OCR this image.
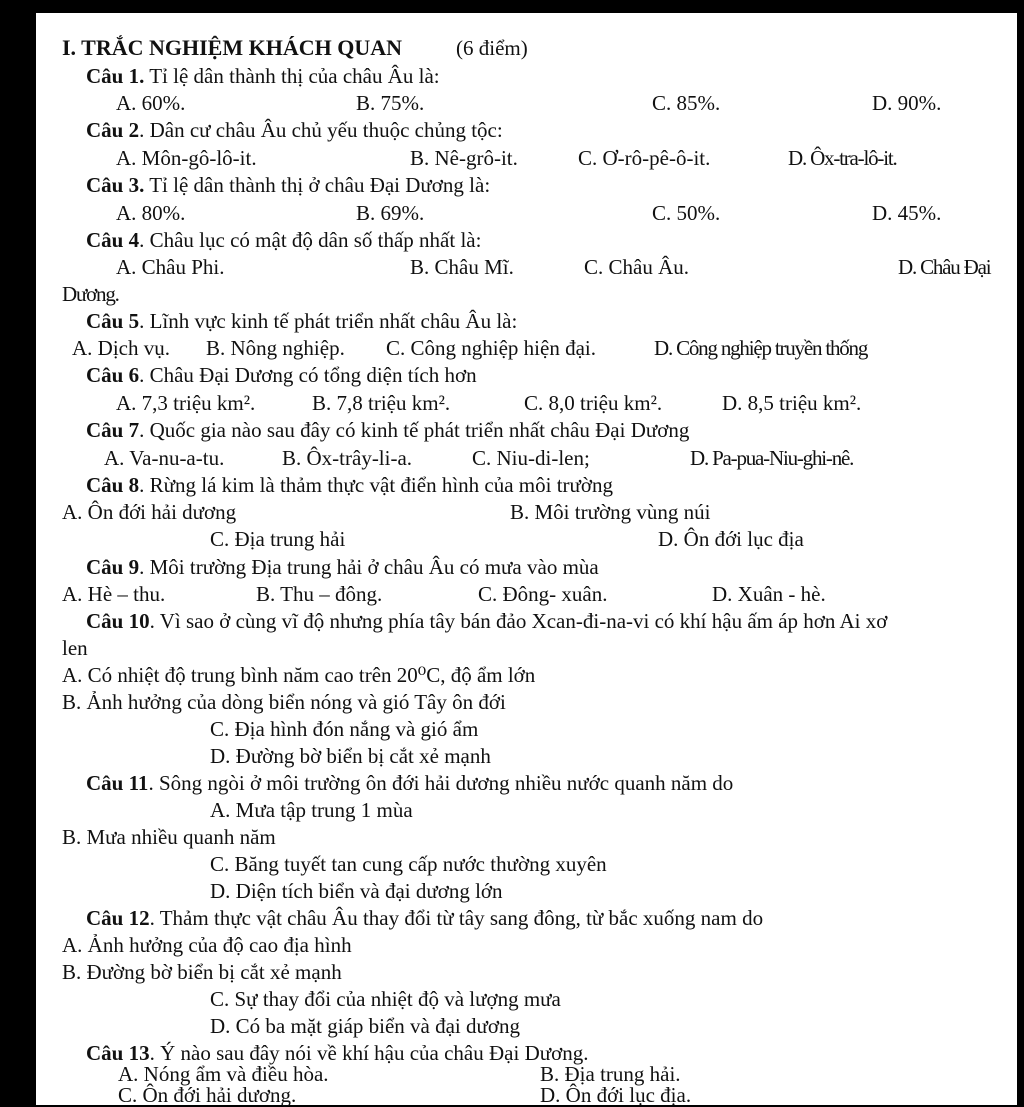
I. TRẮC NGHIỆM KHÁCH QUAN	(6 điểm)
Câu 1. Tỉ lệ dân thành thị của châu Âu là:
A. 60%.	B. 75%.	C. 85%.	D. 90%.
Câu 2. Dân cư châu Âu chủ yếu thuộc chủng tộc:
A. Môn-gô-lô-it.	B. Nê-grô-it.	C. Ơ-rô-pê-ô-it.	D. Ôx-tra-lô-it.
Câu 3. Tỉ lệ dân thành thị ở châu Đại Dương là:
A. 80%.	B. 69%.	C. 50%.	D. 45%.
Câu 4. Châu lục có mật độ dân số thấp nhất là:
A. Châu Phi.	B. Châu Mĩ.	C. Châu Âu.	D. Châu Đại
Dương.
Câu 5. Lĩnh vực kinh tế phát triển nhất châu Âu là:
A. Dịch vụ. B. Nông nghiệp. C. Công nghiệp hiện đại.	D. Công nghiệp truyền thống
Câu 6. Châu Đại Dương có tổng diện tích hơn
A. 7,3 triệu km².	B. 7,8 triệu km².	C. 8,0 triệu km².	D. 8,5 triệu km².
Câu 7. Quốc gia nào sau đây có kinh tế phát triển nhất châu Đại Dương
A. Va-nu-a-tu.	B. Ôx-trây-li-a.	C. Niu-di-len;	D. Pa-pua-Niu-ghi-nê.
Câu 8. Rừng lá kim là thảm thực vật điển hình của môi trường
A. Ôn đới hải dương	B. Môi trường vùng núi
C. Địa trung hải	D. Ôn đới lục địa
Câu 9. Môi trường Địa trung hải ở châu Âu có mưa vào mùa
A. Hè – thu.	B. Thu – đông.	C. Đông- xuân.	D. Xuân - hè.
Câu 10. Vì sao ở cùng vĩ độ nhưng phía tây bán đảo Xcan-đi-na-vi có khí hậu ấm áp hơn Ai xơ
len
A. Có nhiệt độ trung bình năm cao trên 20⁰C, độ ẩm lớn
B. Ảnh hưởng của dòng biển nóng và gió Tây ôn đới
C. Địa hình đón nắng và gió ẩm
D. Đường bờ biển bị cắt xẻ mạnh
Câu 11. Sông ngòi ở môi trường ôn đới hải dương nhiều nước quanh năm do
A. Mưa tập trung 1 mùa
B. Mưa nhiều quanh năm
C. Băng tuyết tan cung cấp nước thường xuyên
D. Diện tích biển và đại dương lớn
Câu 12. Thảm thực vật châu Âu thay đổi từ tây sang đông, từ bắc xuống nam do
A. Ảnh hưởng của độ cao địa hình
B. Đường bờ biển bị cắt xẻ mạnh
C. Sự thay đổi của nhiệt độ và lượng mưa
D. Có ba mặt giáp biển và đại dương
Câu 13. Ý nào sau đây nói về khí hậu của châu Đại Dương.
A. Nóng ẩm và điều hòa.	B. Địa trung hải.
C. Ôn đới hải dương.	D. Ôn đới lục địa.
